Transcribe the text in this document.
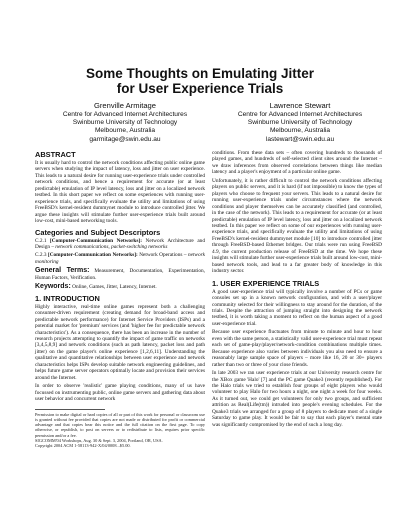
Some Thoughts on Emulating Jitter
for User Experience Trials
Grenville Armitage
Centre for Advanced Internet Architectures
Swinburne University of Technology
Melbourne, Australia
garmitage@swin.edu.au
Lawrence Stewart
Centre for Advanced Internet Architectures
Swinburne University of Technology
Melbourne, Australia
lastewart@swin.edu.au
ABSTRACT

It is usually hard to control the network conditions affecting public online game servers when studying the impact of latency, loss and jitter on user experience. This leads to a natural desire for running user-experience trials under controlled network conditions, and hence a requirement for accurate (or at least predictable) emulation of IP level latency, loss and jitter on a localized network testbed. In this short paper we reflect on some experiences with running user-experience trials, and specifically evaluate the utility and limitations of using FreeBSD's kernel-resident dummynet module to introduce controlled jitter. We argue these insights will stimulate further user-experience trials built around low-cost, mini-based networking tools.

Categories and Subject Descriptors

C.2.1 [Computer-Communication Networks]: Network Architecture and Design – network communications, packet-switching networks

C.2.3 [Computer-Communication Networks]: Network Operations – network monitoring

General Terms: Measurement, Documentation, Experimentation, Human Factors, Verification.

Keywords: Online, Games, Jitter, Latency, Internet.

1. INTRODUCTION

Highly interactive, real-time online games represent both a challenging consumer-driven requirement (creating demand for broad-band access and predictable network performance) for Internet Service Providers (ISPs) and a potential market for 'premium' services (and 'higher fee for predictable network characteristics'). As a consequence, there has been an increase in the number of research projects attempting to quantify the impact of game traffic on networks [3,4,5,8,9] and network conditions (such as path latency, packet loss and path jitter) on the game player's online experience [1,2,6,11]. Understanding the qualitative and quantitative relationships between user experience and network characteristics helps ISPs develop suitable network engineering guidelines, and helps future game server operators optimally locate and provision their services around the Internet.

In order to observe 'realistic' game playing conditions, many of us have focussed on instrumenting public, online game servers and gathering data about user behavior and concurrent network

Permission to make digital or hard copies of all or part of this work for personal or classroom use is granted without fee provided that copies are not made or distributed for profit or commercial advantage and that copies bear this notice and the full citation on the first page. To copy otherwise, or republish, to post on servers or to redistribute to lists, requires prior specific permission and/or a fee.
SIGCOMM'04 Workshops, Aug. 30 & Sept. 3, 2004, Portland, OR, USA.
Copyright 2004 ACM 1-58113-942-X/04/0008...$5.00.

conditions. From these data sets – often covering hundreds to thousands of played games, and hundreds of self-selected client sites around the Internet – we draw inferences from observed correlations between things like median latency and a player's enjoyment of a particular online game.

Unfortunately, it is rather difficult to control the network conditions affecting players on public servers, and it is hard (if not impossible) to know the types of players who choose to frequent your servers. This leads to a natural desire for running user-experience trials under circumstances where the network conditions and player themselves can be accurately classified (and controlled, in the case of the network). This leads to a requirement for accurate (or at least predictable) emulation of IP level latency, loss and jitter on a localized network testbed. In this paper we reflect on some of our experiences with running user-experience trials, and specifically evaluate the utility and limitations of using FreeBSD's kernel-resident dummynet module [10] to introduce controlled jitter through FreeBSD-based Ethernet bridges. Our trials were run using FreeBSD 4.9, the current production release of FreeBSD at the time. We hope these insights will stimulate further user-experience trials built around low-cost, mini-based network tools, and lead to a far greater body of knowledge in this industry sector.

1. USER EXPERIENCE TRIALS

A good user-experience trial will typically involve a number of PCs or game consoles set up in a known network configuration, and with a user/player community selected for their willingness to stay around for the duration, of the trials. Despite the attraction of jumping straight into designing the network testbed, it is worth taking a moment to reflect on the human aspect of a good user-experience trial.

Because user experience fluctuates from minute to minute and hour to hour even with the same person, a statistically valid user-experience trial must repeat each set of game-play/player/network-condition combinations multiple times. Because experience also varies between individuals you also need to ensure a reasonably large sample space of players – more like 16, 20 or 30+ players rather than two or three of your close friends.

In late 2003 we ran user experience trials at our University research centre for the XBox game 'Halo' [7] and the PC game Quake3 (recently republished). For the Halo trials we tried to establish four groups of eight players who would volunteer to play Halo for two hours a night, one night a week for four weeks. As it turned out, we could get volunteers for only two groups, and sufficient attrition as Real(Life(tm)) intruded into people's evening schedules. For the Quake3 trials we arranged for a group of 8 players to dedicate most of a single Saturday to game play. It would be fair to say that each player's mental state was significantly compromised by the end of such a long day.
